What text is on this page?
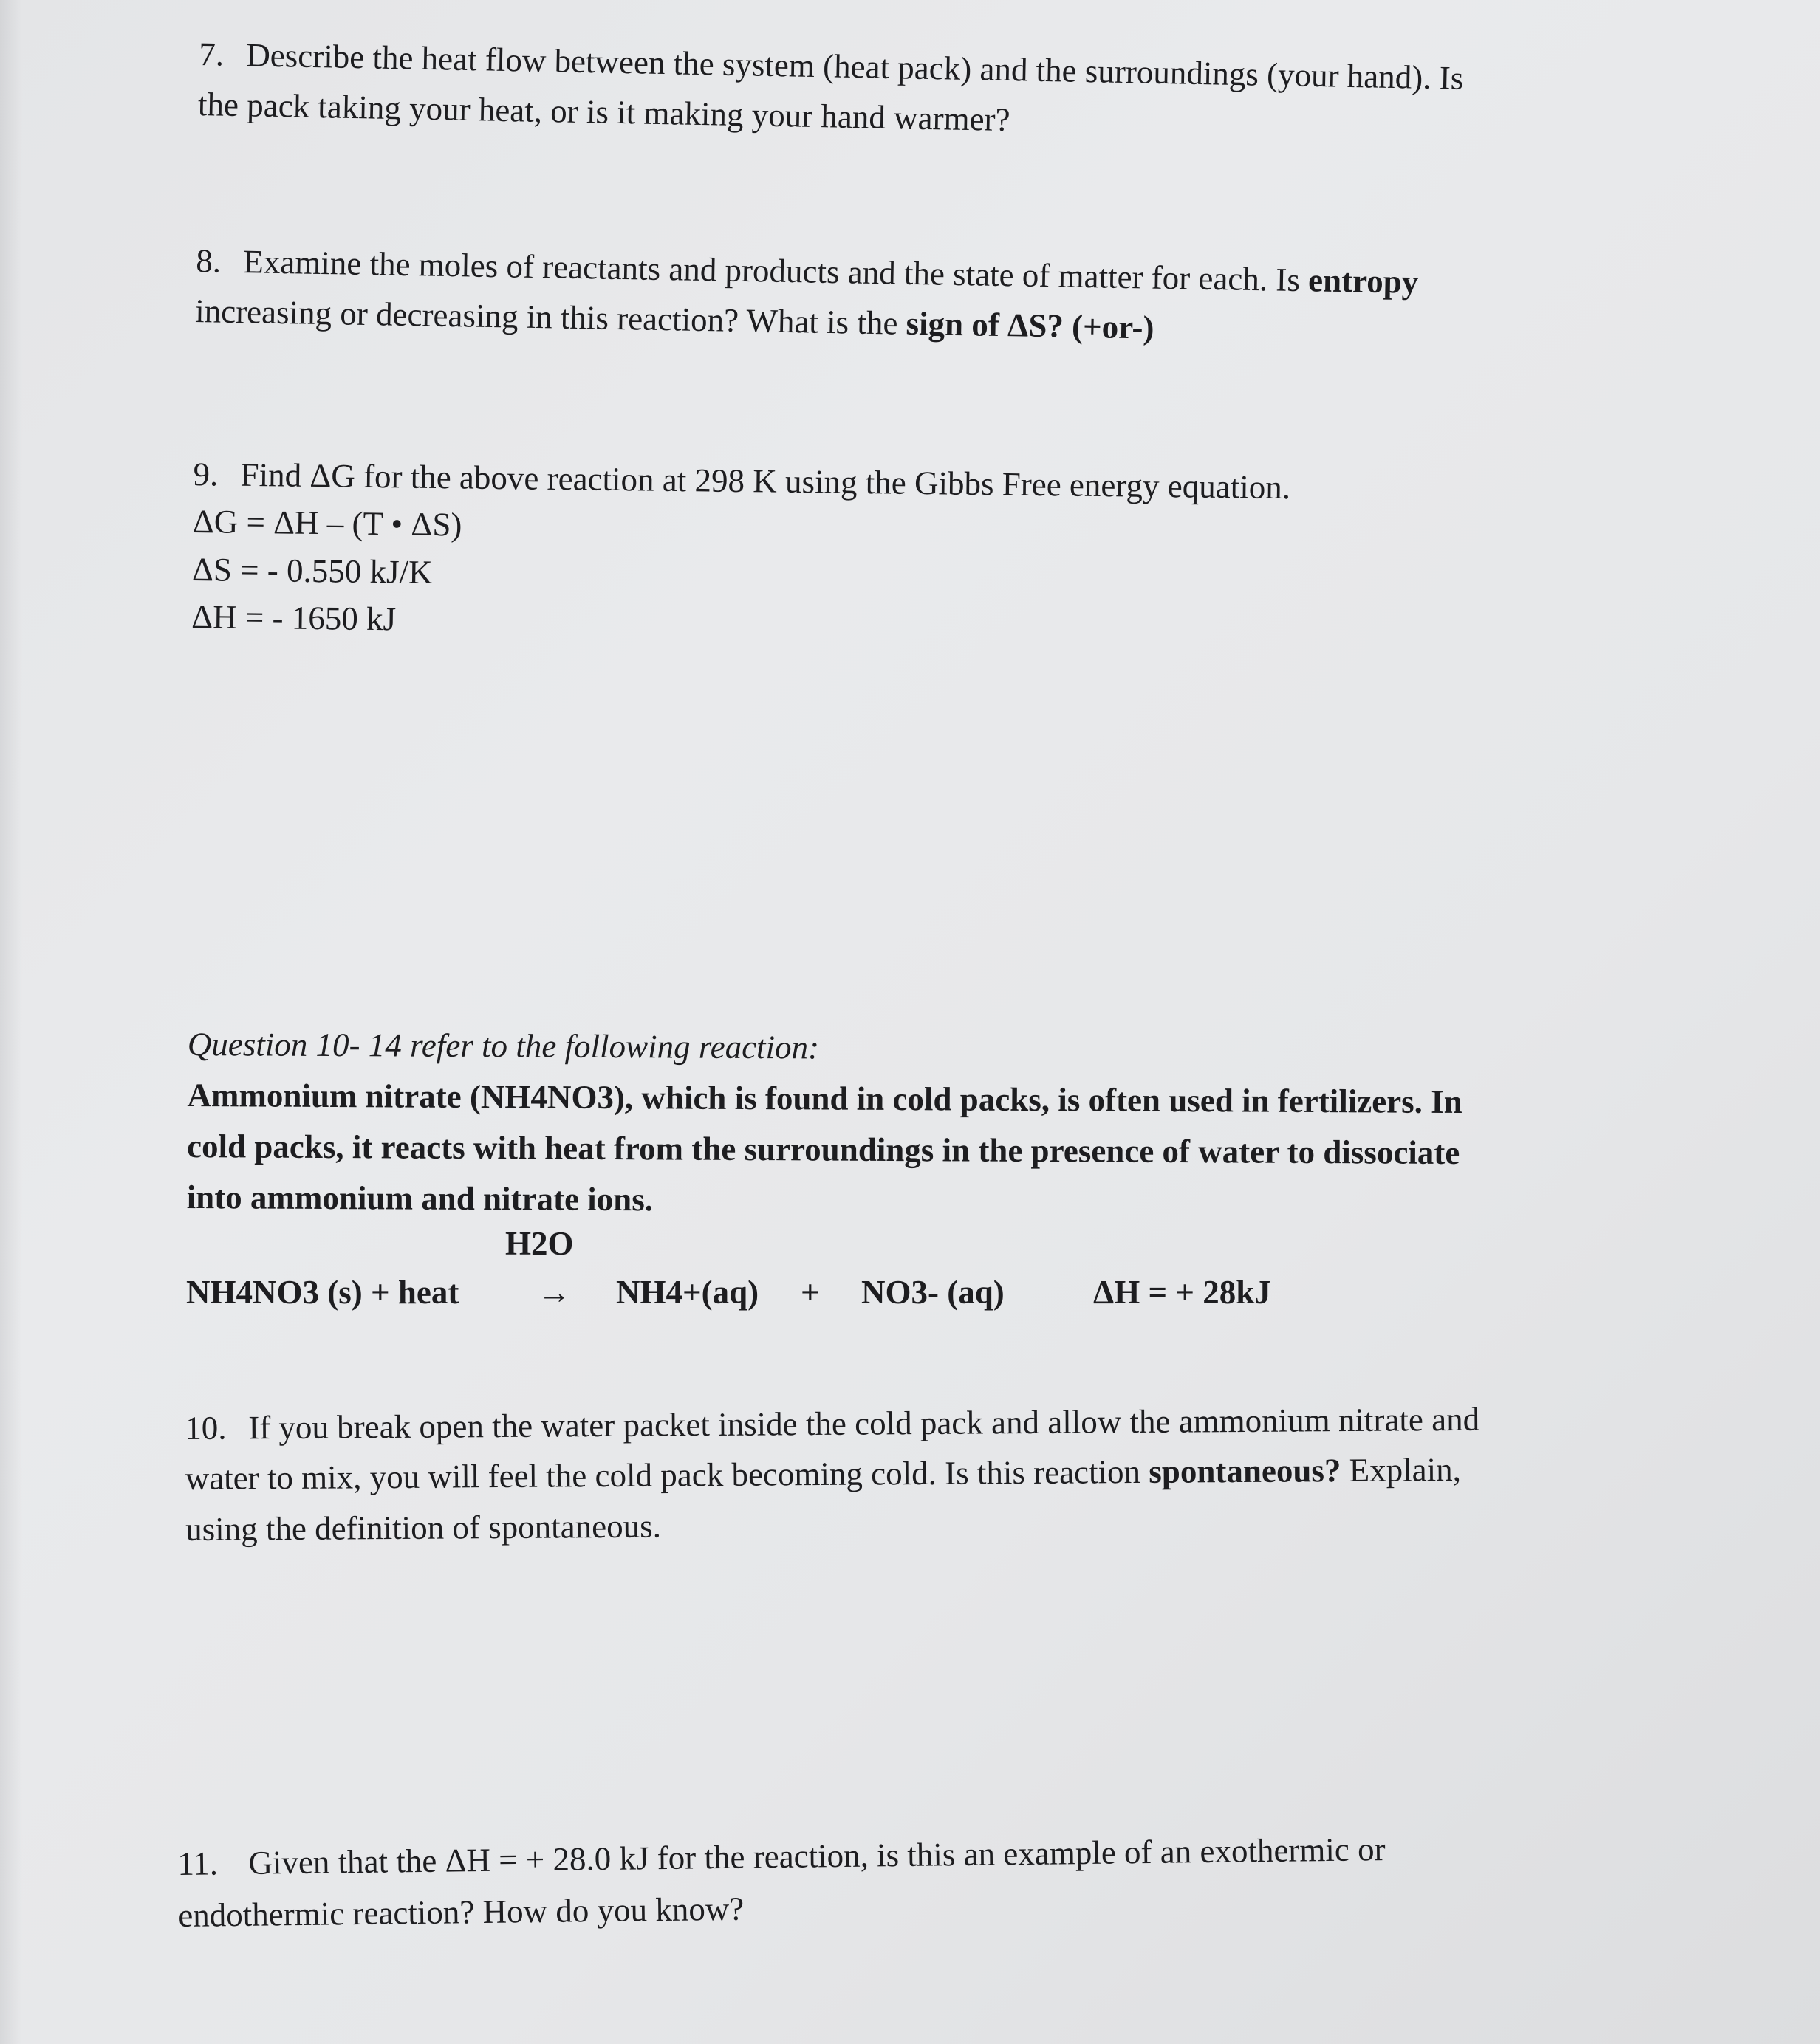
7. Describe the heat flow between the system (heat pack) and the surroundings (your hand). Is
the pack taking your heat, or is it making your hand warmer?
8. Examine the moles of reactants and products and the state of matter for each. Is entropy
increasing or decreasing in this reaction? What is the sign of ΔS? (+or-)
9. Find ΔG for the above reaction at 298 K using the Gibbs Free energy equation.
ΔG = ΔH – (T • ΔS)
ΔS = - 0.550 kJ/K
ΔH = - 1650 kJ
Question 10- 14 refer to the following reaction:
Ammonium nitrate (NH4NO3), which is found in cold packs, is often used in fertilizers. In
cold packs, it reacts with heat from the surroundings in the presence of water to dissociate
into ammonium and nitrate ions.
H2O
NH4NO3 (s) + heat → NH4+(aq) + NO3- (aq)	ΔH = + 28kJ
10. If you break open the water packet inside the cold pack and allow the ammonium nitrate and
water to mix, you will feel the cold pack becoming cold. Is this reaction spontaneous? Explain,
using the definition of spontaneous.
11. Given that the ΔH = + 28.0 kJ for the reaction, is this an example of an exothermic or
endothermic reaction? How do you know?
